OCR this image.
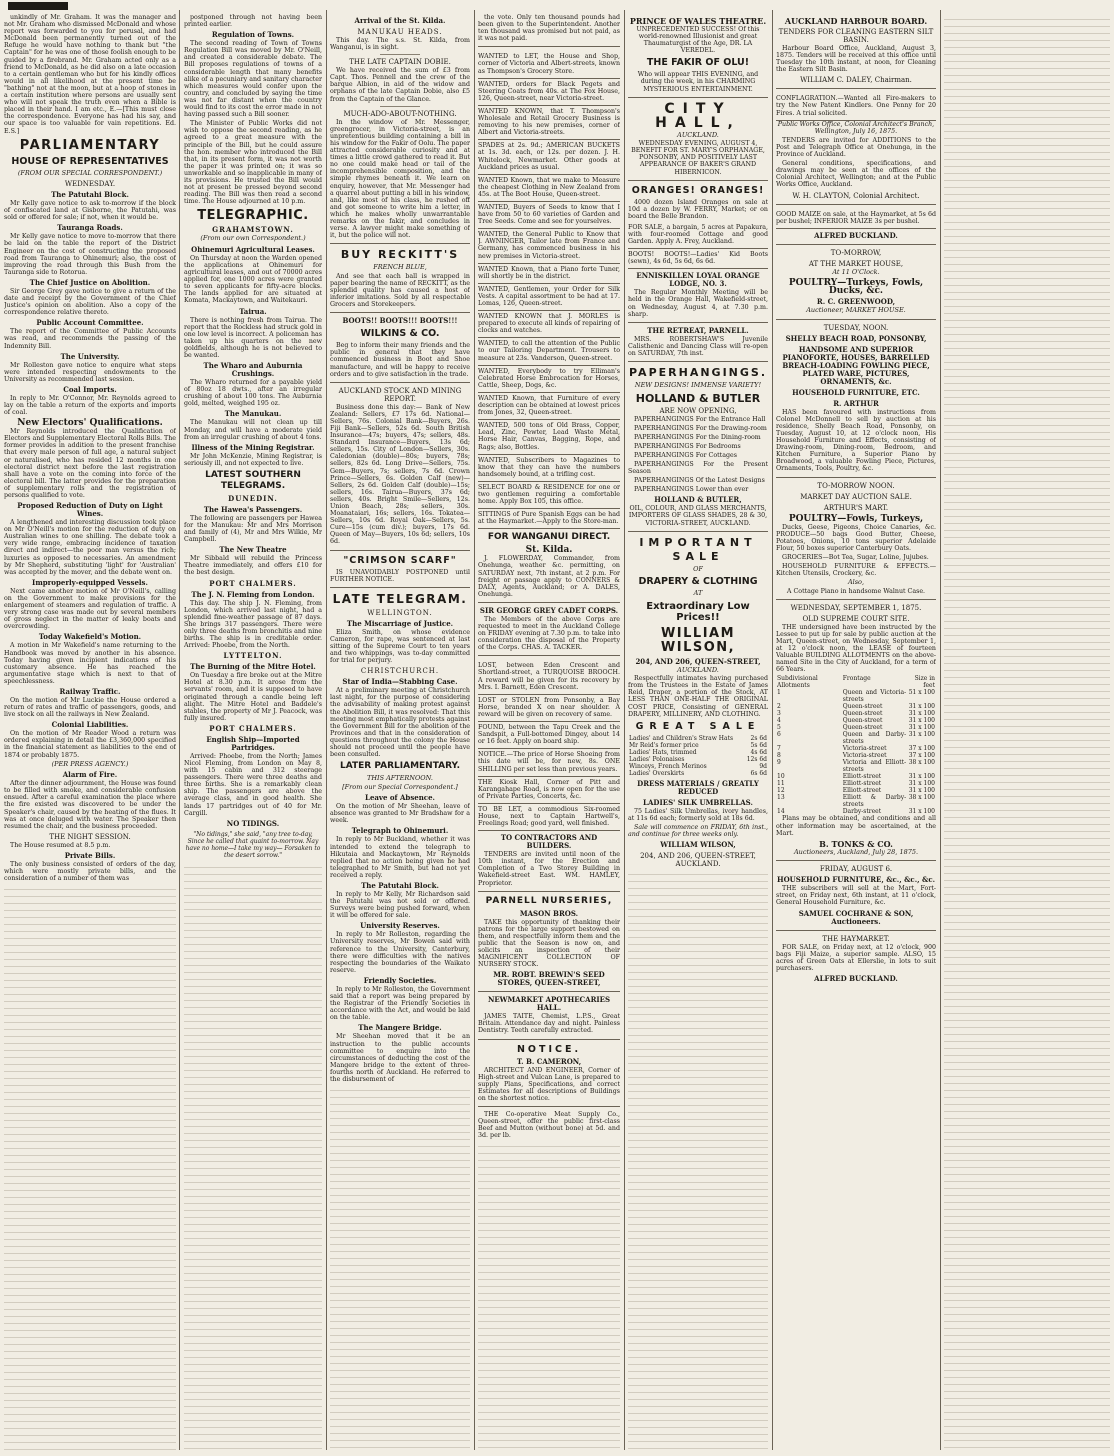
unkindly of Mr. Graham. It was the manager and not Mr. Graham who dismissed McDonald and whose report was forwarded to you for perusal, and had McDonald been permanently turned out of the Refuge he would have nothing to thank but "the Captain" for he was one of those foolish enough to be guided by a firebrand. Mr. Graham acted only as a friend to McDonald, as he did also on a late occasion to a certain gentleman who but for his kindly offices would in all likelihood at the present time be "bathing" not at the moon, but at a hoop of stones in a certain institution where persons are usually sent who will not speak the truth even when a Bible is placed in their hand. I am etc., E.—[This must close the correspondence. Everyone has had his say, and our space is too valuable for vain repetitions. Ed. E.S.]

PARLIAMENTARY
HOUSE OF REPRESENTATIVES
(FROM OUR SPECIAL CORRESPONDENT.)
WEDNESDAY.
The Patutahi Block.

Mr Kelly gave notice to ask to-morrow if the block of confiscated land at Gisborne, the Patutahi, was sold or offered for sale; if not, when it would be.

Tauranga Roads.

Mr Kelly gave notice to move to-morrow that there be laid on the table the report of the District Engineer on the cost of constructing the proposed road from Tauranga to Ohinemuri; also, the cost of improving the road through this Bush from the Tauranga side to Rotorua.

The Chief Justice on Abolition.

Sir George Grey gave notice to give a return of the date and receipt by the Government of the Chief Justice's opinion on abolition. Also a copy of the correspondence relative thereto.

Public Account Committee.

The report of the Committee of Public Accounts was read, and recommends the passing of the Indemnity Bill.

The University.

Mr Rolleston gave notice to enquire what steps were intended respecting endowments to the University as recommended last session.

Coal Imports.

In reply to Mr. O'Connor, Mr. Reynolds agreed to lay on the table a return of the exports and imports of coal.

New Electors' Qualifications.

Mr Reynolds introduced the Qualification of Electors and Supplementary Electoral Rolls Bills. The former provides in addition to the present franchise that every male person of full age, a natural subject or naturalised, who has resided 12 months in one electoral district next before the last registration shall have a vote on the coming into force of the electoral bill. The latter provides for the preparation of supplementary rolls and the registration of persons qualified to vote.

Proposed Reduction of Duty on Light Wines.

A lengthened and interesting discussion took place on Mr O'Neill's motion for the reduction of duty on Australian wines to one shilling. The debate took a very wide range, embracing incidence of taxation direct and indirect—the poor man versus the rich; luxuries as opposed to necessaries. An amendment by Mr Shepherd, substituting 'light' for 'Australian' was accepted by the mover, and the debate went on.

Improperly-equipped Vessels.

Next came another motion of Mr O'Neill's, calling on the Government to make provisions for the enlargement of steamers and regulation of traffic. A very strong case was made out by several members of gross neglect in the matter of leaky boats and overcrowding.

Today Wakefield's Motion.

A motion in Mr Wakefield's name returning to the Handbook was moved by another in his absence. Today having given incipient indications of his customary absence. He has reached the argumentative stage which is next to that of speechlessness.

Railway Traffic.

On the motion of Mr Luckie the House ordered a return of rates and traffic of passengers, goods, and live stock on all the railways in New Zealand.

Colonial Liabilities.

On the motion of Mr Reader Wood a return was ordered explaining in detail the £3,360,000 specified in the financial statement as liabilities to the end of 1874 or probably 1875.

(PER PRESS AGENCY.)
Alarm of Fire.

After the dinner adjournment, the House was found to be filled with smoke, and considerable confusion ensued. After a careful examination the place where the fire existed was discovered to be under the Speaker's chair, caused by the heating of the flues. It was at once deluged with water. The Speaker then resumed the chair, and the business proceeded.

THE NIGHT SESSION.

The House resumed at 8.5 p.m.

Private Bills.

The only business consisted of orders of the day, which were mostly private bills, and the consideration of a number of them was

postponed through not having been printed earlier.

Regulation of Towns.

The second reading of Town of Towns Regulation Bill was moved by Mr. O'Neill, and created a considerable debate. The Bill proposes regulations of towns of a considerable length that many benefits alike of a pecuniary and sanitary character which measures would confer upon the country, and concluded by saying the time was not far distant when the country would find to its cost the error made in not having passed such a Bill sooner.

The Minister of Public Works did not wish to oppose the second reading, as he agreed to a great measure with the principle of the Bill, but he could assure the hon. member who introduced the Bill that, in its present form, it was not worth the paper it was printed on; it was so unworkable and so inapplicable in many of its provisions. He trusted the Bill would not at present be pressed beyond second reading. The Bill was then read a second time. The House adjourned at 10 p.m.

TELEGRAPHIC.
GRAHAMSTOWN.
(From our own Correspondent.)
Ohinemuri Agricultural Leases.

On Thursday at noon the Warden opened the applications at Ohinemuri for agricultural leases, and out of 70000 acres applied for, one 1000 acres were granted to seven applicants for fifty-acre blocks. The lands applied for are situated at Komata, Mackaytown, and Waitekauri.

Tairua.

There is nothing fresh from Tairua. The report that the Rockless had struck gold in one low level is incorrect. A policeman has taken up his quarters on the new goldfields, although he is not believed to be wanted.

The Wharo and Auburnia Crushings.

The Wharo returned for a payable yield of 80oz 18 dwts., after an irregular crushing of about 100 tons. The Auburnia gold, melted, weighed 195 oz.

The Manukau.

The Manukau will not clean up till Monday, and will have a moderate yield from an irregular crushing of about 4 tons.

Illness of the Mining Registrar.

Mr John McKenzie, Mining Registrar, is seriously ill, and not expected to live.

LATEST SOUTHERN TELEGRAMS.
DUNEDIN.
The Hawea's Passengers.

The following are passengers per Hawea for the Manukau: Mr and Mrs Morrison and family of (4), Mr and Mrs Wilkie, Mr Campbell.

The New Theatre

Mr Sibbald will rebuild the Princess Theatre immediately, and offers £10 for the best design.

PORT CHALMERS.
The J. N. Fleming from London.

This day. The ship J. N. Fleming, from London, which arrived last night, had a splendid fine-weather passage of 87 days. She brings 317 passengers. There were only three deaths from bronchitis and nine births. The ship is in creditable order. Arrived: Phoebe, from the North.

LYTTELTON.
The Burning of the Mitre Hotel.

On Tuesday a fire broke out at the Mitre Hotel at 8.30 p.m. It arose from the servants' room, and it is supposed to have originated through a candle being left alight. The Mitre Hotel and Baddele's stables, the property of Mr J. Peacock, was fully insured.

PORT CHALMERS.
English Ship—Imported Partridges.

Arrived: Phoebe, from the North; James Nicol Fleming, from London on May 8, with 15 cabin and 312 steerage passengers. There were three deaths and three births. She is a remarkably clean ship. The passengers are above the average class, and in good health. She lands 17 partridges out of 40 for Mr. Cargill.

NO TIDINGS.
"No tidings," she said, "any tree to-day, Since he called that quaint to-morrow. Nay have no home—I take my way— Forsaken to the desert sorrow."
Arrival of the St. Kilda.
MANUKAU HEADS.

This day. The s.s. St. Kilda, from Wanganui, is in sight.

THE LATE CAPTAIN DOBIE.

We have received the sum of £3 from Capt. Thos. Pennell and the crew of the barque Albion, in aid of the widow and orphans of the late Captain Dobie, also £5 from the Captain of the Glance.

MUCH-ADO-ABOUT-NOTHING.

In the window of Mr. Messenger, greengrocer, in Victoria-street, is an unpretentious building containing a bill in his window for the Fakir of Oolu. The paper attracted considerable curiosity and at times a little crowd gathered to read it. But no one could make head or tail of the incomprehensible composition, and the simple rhymes beneath it. We learn on enquiry, however, that Mr. Messenger had a quarrel about putting a bill in his window, and, like most of his class, he rushed off and got someone to write him a letter, in which he makes wholly unwarrantable remarks on the fakir, and concludes in verse. A lawyer might make something of it, but the police will not.

BUY RECKITT'S
FRENCH BLUE,

And see that each ball is wrapped in paper bearing the name of RECKITT, as the splendid quality has caused a host of inferior imitations. Sold by all respectable Grocers and Storekeepers.

BOOTS!! BOOTS!!! BOOTS!!!
WILKINS & CO.

Beg to inform their many friends and the public in general that they have commenced business in Boot and Shoe manufacture, and will be happy to receive orders and to give satisfaction in the trade.

AUCKLAND STOCK AND MINING REPORT.

Business done this day:— Bank of New Zealand: Sellers, £7 17s 6d. National—Sellers, 76s. Colonial Bank—Buyers, 26s. Fiji Bank—Sellers, 52s 6d. South British Insurance—47s; buyers, 47s; sellers, 48s. Standard Insurance—Buyers, 13s 6d; sellers, 15s. City of London—Sellers, 30s. Caledonian (double)—80s; buyers, 78s; sellers, 82s 6d. Long Drive—Sellers, 75s. Gem—Buyers, 7s; sellers, 7s 6d. Crown Prince—Sellers, 6s. Golden Calf (new)—Sellers, 2s 6d. Golden Calf (double)—15s; sellers, 16s. Tairua—Buyers, 37s 6d; sellers, 40s. Bright Smile—Sellers, 12s. Union Beach, 28s; sellers, 30s. Moanataiari, 16s; sellers, 16s. Tokatea—Sellers, 10s 6d. Royal Oak—Sellers, 5s. Cure—15s (cum div.); buyers, 17s 6d. Queen of May—Buyers, 10s 6d; sellers, 10s 6d.

"CRIMSON SCARF"

IS UNAVOIDABLY POSTPONED until FURTHER NOTICE.

LATE TELEGRAM.
WELLINGTON.
The Miscarriage of Justice.

Eliza Smith, on whose evidence Cameron, for rape, was sentenced at last sitting of the Supreme Court to ten years and two whippings, was to-day committed for trial for perjury.

CHRISTCHURCH.
Star of India—Stabbing Case.

At a preliminary meeting at Christchurch last night, for the purpose of considering the advisability of making protest against the Abolition Bill, it was resolved: That this meeting most emphatically protests against the Government Bill for the abolition of the Provinces and that in the consideration of questions throughout the colony the House should not proceed until the people have been consulted.

LATER PARLIAMENTARY.
THIS AFTERNOON.
[From our Special Correspondent.]
Leave of Absence.

On the motion of Mr Sheehan, leave of absence was granted to Mr Bradshaw for a week.

Telegraph to Ohinemuri.

In reply to Mr Buckland, whether it was intended to extend the telegraph to Hikutaia and Mackaytown, Mr Reynolds replied that no action being given he had telegraphed to Mr Smith, but had not yet received a reply.

The Patutahi Block.

In reply to Mr Kelly, Mr Richardson said the Patutahi was not sold or offered. Surveys were being pushed forward, when it will be offered for sale.

University Reserves.

In reply to Mr Rolleston, regarding the University reserves, Mr Bowen said with reference to the University, Canterbury, there were difficulties with the natives respecting the boundaries of the Waikato reserve.

Friendly Societies.

In reply to Mr Rolleston, the Government said that a report was being prepared by the Registrar of the Friendly Societies in accordance with the Act, and would be laid on the table.

The Mangere Bridge.

Mr Sheehan moved that it be an instruction to the public accounts committee to enquire into the circumstances of deducting the cost of the Mangere bridge to the extent of three-fourths north of Auckland. He referred to the disbursement of

the vote. Only ten thousand pounds had been given to the Superintendent. Another ten thousand was promised but not paid, as it was not paid.

WANTED to LET, the House and Shop, corner of Victoria and Albert-streets, known as Thompson's Grocery Store.

WANTED, orders for Black Pegets and Steering Coats from 40s. at The Fox House, 126, Queen-street, near Victoria-street.

WANTED KNOWN, that T. Thompson's Wholesale and Retail Grocery Business is removing to his new premises, corner of Albert and Victoria-streets.

SPADES at 2s. 9d.; AMERICAN BUCKETS at 1s. 3d. each, or 12s. per dozen. J. H. Whitelock, Newmarket. Other goods at Auckland prices as usual.

WANTED Known, that we make to Measure the cheapest Clothing in New Zealand from 45s. at The Boot House, Queen-street.

WANTED, Buyers of Seeds to know that I have from 50 to 60 varieties of Garden and Tree Seeds. Come and see for yourselves.

WANTED, the General Public to Know that J. AWNINGER, Tailor late from France and Germany, has commenced business in his new premises in Victoria-street.

WANTED Known, that a Piano forte Tuner, will shortly be in the district.

WANTED, Gentlemen, your Order for Silk Vests. A capital assortment to be had at 17. Lomas, 126, Queen-street.

WANTED KNOWN that J. MORLES is prepared to execute all kinds of repairing of clocks and watches.

WANTED, to call the attention of the Public to our Tailoring Department. Trousers to measure at 23s. Vanderson, Queen-street.

WANTED, Everybody to try Elliman's Celebrated Horse Embrocation for Horses, Cattle, Sheep, Dogs, &c.

WANTED Known, that Furniture of every description can be obtained at lowest prices from Jones, 32, Queen-street.

WANTED, 500 tons of Old Brass, Copper, Lead, Zinc, Pewter, Lead Waste Metal, Horse Hair, Canvas, Bagging, Rope, and Rags; also, Bottles.

WANTED, Subscribers to Magazines to know that they can have the numbers handsomely bound, at a trifling cost.

SELECT BOARD & RESIDENCE for one or two gentlemen requiring a comfortable home. Apply Box 105, this office.

SITTINGS of Pure Spanish Eggs can be had at the Haymarket.—Apply to the Store-man.

FOR WANGANUI DIRECT.
St. Kilda.

J. FLOWERDAY, Commander, from Onehunga, weather &c. permitting, on SATURDAY next, 7th instant, at 2 p.m. For freight or passage apply to CONNERS & DALY, Agents, Auckland; or A. DALES, Onehunga.

SIR GEORGE GREY CADET CORPS.

The Members of the above Corps are requested to meet in the Auckland College on FRIDAY evening at 7.30 p.m. to take into consideration the disposal of the Property of the Corps. CHAS. A. TACKER.

LOST, between Eden Crescent and Shortland-street, a TURQUOISE BROOCH. A reward will be given for its recovery by Mrs. I. Barnett, Eden Crescent.

LOST or STOLEN from Ponsonby, a Bay Horse, branded X on near shoulder. A reward will be given on recovery of same.

FOUND, between the Tapu Creek and the Sandspit, a Full-bottomed Dingey, about 14 or 16 feet. Apply on board ship.

NOTICE.—The price of Horse Shoeing from this date will be, for new, 8s. ONE SHILLING per set less than previous years.

THE Kiosk Hall, Corner of Pitt and Karangahape Road, is now open for the use of Private Parties, Concerts, &c.

TO BE LET, a commodious Six-roomed House, next to Captain Hartwell's, Freelings Road; good yard, well finished.

TO CONTRACTORS AND BUILDERS.

TENDERS are invited until noon of the 10th instant, for the Erection and Completion of a Two Storey Building in Wakefield-street East. WM. HAMLEY, Proprietor.

PARNELL NURSERIES,
MASON BROS.

TAKE this opportunity of thanking their patrons for the large support bestowed on them, and respectfully inform them and the public that the Season is now on, and solicits an inspection of their MAGNIFICENT COLLECTION OF NURSERY STOCK.

MR. ROBT. BREWIN'S SEED STORES, QUEEN-STREET,
NEWMARKET APOTHECARIES HALL.

JAMES TAITE, Chemist, L.P.S., Great Britain. Attendance day and night. Painless Dentistry. Teeth carefully extracted.

NOTICE.
T. B. CAMERON,

ARCHITECT AND ENGINEER, Corner of High-street and Vulcan Lane, is prepared to supply Plans, Specifications, and correct Estimates for all descriptions of Buildings on the shortest notice.

THE Co-operative Meat Supply Co., Queen-street, offer the public first-class Beef and Mutton (without bone) at 5d. and 3d. per lb.

PRINCE OF WALES THEATRE.

UNPRECEDENTED SUCCESS! Of this world-renowned Illusionist and great Thaumaturgist of the Age, DR. LA VEREDEL.

THE FAKIR OF OLU!

Who will appear THIS EVENING, and during the week, in his CHARMING MYSTERIOUS ENTERTAINMENT.

CITY HALL,
AUCKLAND.

WEDNESDAY EVENING, AUGUST 4, BENEFIT FOR ST. MARY'S ORPHANAGE, PONSONBY, AND POSITIVELY LAST APPEARANCE OF BAKER'S GRAND HIBERNICON.

ORANGES! ORANGES!

4000 dozen Island Oranges on sale at 10d a dozen by W. FERRY, Market; or on board the Belle Brandon.

FOR SALE, a bargain, 5 acres at Papakura, with four-roomed Cottage and good Garden. Apply A. Frey, Auckland.

BOOTS! BOOTS!—Ladies' Kid Boots (sewn), 4s 6d, 5s 6d, 6s 6d.

ENNISKILLEN LOYAL ORANGE LODGE, NO. 3.

The Regular Monthly Meeting will be held in the Orange Hall, Wakefield-street, on Wednesday, August 4, at 7.30 p.m. sharp.

THE RETREAT, PARNELL.

MRS. ROBERTSHAW'S Juvenile Calisthenic and Dancing Class will re-open on SATURDAY, 7th inst.

PAPERHANGINGS.
NEW DESIGNS! IMMENSE VARIETY!
HOLLAND & BUTLER
ARE NOW OPENING,

PAPERHANGINGS For the Entrance Hall

PAPERHANGINGS For the Drawing-room

PAPERHANGINGS For the Dining-room

PAPERHANGINGS For Bedrooms

PAPERHANGINGS For Cottages

PAPERHANGINGS For the Present Season

PAPERHANGINGS Of the Latest Designs

PAPERHANGINGS Lower than ever

HOLLAND & BUTLER,

OIL, COLOUR, AND GLASS MERCHANTS, IMPORTERS OF GLASS SHADES, 28 & 30, VICTORIA-STREET, AUCKLAND.

IMPORTANT SALE
OF
DRAPERY & CLOTHING
AT
Extraordinary Low Prices!!
WILLIAM WILSON,
204, AND 206, QUEEN-STREET,
AUCKLAND.

Respectfully intimates having purchased from the Trustees in the Estate of James Reid, Draper, a portion of the Stock, AT LESS THAN ONE-HALF THE ORIGINAL COST PRICE, Consisting of GENERAL DRAPERY, MILLINERY, AND CLOTHING.

GREAT SALE
Ladies' and Children's Straw Hats	2s 6d
Mr Reid's former price	5s 6d
Ladies' Hats, trimmed	4s 6d
Ladies' Polonaises	12s 6d
Winceys, French Merinos	9d
Ladies' Overskirts	6s 6d
DRESS MATERIALS / GREATLY REDUCED
LADIES' SILK UMBRELLAS.

75 Ladies' Silk Umbrellas, ivory handles, at 11s 6d each; formerly sold at 18s 6d.

Sale will commence on FRIDAY, 6th inst., and continue for three weeks only.

WILLIAM WILSON,
204, AND 206, QUEEN-STREET, AUCKLAND.
AUCKLAND HARBOUR BOARD.
TENDERS FOR CLEANING EASTERN SILT BASIN.

Harbour Board Office, Auckland, August 3, 1875. Tenders will be received at this office until Tuesday the 10th instant, at noon, for Cleaning the Eastern Silt Basin.

WILLIAM C. DALEY, Chairman.

CONFLAGRATION.—Wanted all Fire-makers to try the New Patent Kindlers. One Penny for 20 Fires. A trial solicited.

Public Works Office, Colonial Architect's Branch, Wellington, July 16, 1875.

TENDERS are invited for ADDITIONS to the Post and Telegraph Office at Onehunga, in the Province of Auckland.

General conditions, specifications, and drawings may be seen at the offices of the Colonial Architect, Wellington; and at the Public Works Office, Auckland.

W. H. CLAYTON, Colonial Architect.

GOOD MAIZE on sale, at the Haymarket, at 5s 6d per bushel; INFERIOR MAIZE 3s per bushel.

ALFRED BUCKLAND.
TO-MORROW,
AT THE MARKET HOUSE,
At 11 O'Clock.
POULTRY—Turkeys, Fowls, Ducks, &c.
R. C. GREENWOOD,
Auctioneer, MARKET HOUSE.
TUESDAY, NOON.
SHELLY BEACH ROAD, PONSONBY,
HANDSOME AND SUPERIOR PIANOFORTE, HOUSES, BARRELLED BREACH-LOADING FOWLING PIECE, PLATED WARE, PICTURES, ORNAMENTS, &c.
HOUSEHOLD FURNITURE, ETC.
R. ARTHUR

HAS been favoured with instructions from Colonel McDonnell to sell by auction at his residence, Shelly Beach Road, Ponsonby, on Tuesday, August 10, at 12 o'clock noon, His Household Furniture and Effects, consisting of Drawing-room, Dining-room, Bedroom, and Kitchen Furniture, a Superior Piano by Broadwood, a valuable Fowling Piece, Pictures, Ornaments, Tools, Poultry, &c.

TO-MORROW NOON.
MARKET DAY AUCTION SALE.
ARTHUR'S MART.
POULTRY—Fowls, Turkeys,

Ducks, Geese, Pigeons, Choice Canaries, &c. PRODUCE—50 bags Good Butter, Cheese, Potatoes, Onions, 10 tons superior Adelaide Flour, 50 boxes superior Canterbury Oats.

GROCERIES—Bot Tea, Sugar, Loline, Jujubes.

HOUSEHOLD FURNITURE & EFFECTS.—Kitchen Utensils, Crockery, &c.

Also,

A Cottage Piano in handsome Walnut Case.

WEDNESDAY, SEPTEMBER 1, 1875.
OLD SUPREME COURT SITE.

THE undersigned have been instructed by the Lessee to put up for sale by public auction at the Mart, Queen-street, on Wednesday, September 1, at 12 o'clock noon, the LEASE of fourteen Valuable BUILDING ALLOTMENTS on the above-named Site in the City of Auckland, for a term of 66 Years.

Subdivisional Allotments	Frontage	Size in feet
1	Queen and Victoria-streets	51 x 100
2	Queen-street	31 x 100
3	Queen-street	31 x 100
4	Queen-street	31 x 100
5	Queen-street	31 x 100
6	Queen and Darby-streets	31 x 100
7	Victoria-street	37 x 100
8	Victoria-street	37 x 100
9	Victoria and Elliott-streets	38 x 100
10	Elliott-street	31 x 100
11	Elliott-street	31 x 100
12	Elliott-street	31 x 100
13	Elliott & Darby-streets	38 x 100
14	Darby-street	31 x 100

Plans may be obtained, and conditions and all other information may be ascertained, at the Mart.

B. TONKS & CO.
Auctioneers, Auckland, July 28, 1875.
FRIDAY, AUGUST 6.
HOUSEHOLD FURNITURE, &c., &c., &c.

THE subscribers will sell at the Mart, Fort-street, on Friday next, 6th instant, at 11 o'clock, General Household Furniture, &c.

SAMUEL COCHRANE & SON, Auctioneers.
THE HAYMARKET.

FOR SALE, on Friday next, at 12 o'clock, 900 bags Fiji Maize, a superior sample. ALSO, 15 acres of Green Oats at Ellerslie, in lots to suit purchasers.

ALFRED BUCKLAND.
